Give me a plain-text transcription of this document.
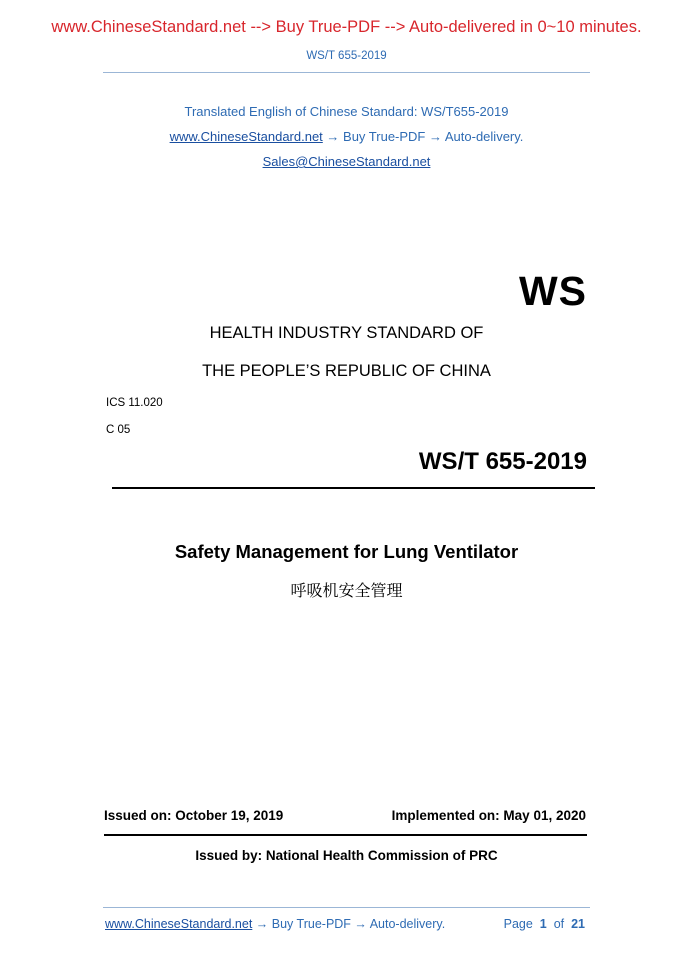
www.ChineseStandard.net --> Buy True-PDF --> Auto-delivered in 0~10 minutes.
WS/T 655-2019
Translated English of Chinese Standard: WS/T655-2019
www.ChineseStandard.net → Buy True-PDF → Auto-delivery.
Sales@ChineseStandard.net
WS
HEALTH INDUSTRY STANDARD OF
THE PEOPLE’S REPUBLIC OF CHINA
ICS 11.020
C 05
WS/T 655-2019
Safety Management for Lung Ventilator
呼吸机安全管理
Issued on: October 19, 2019	Implemented on: May 01, 2020
Issued by: National Health Commission of PRC
www.ChineseStandard.net → Buy True-PDF → Auto-delivery.	Page 1 of 21
